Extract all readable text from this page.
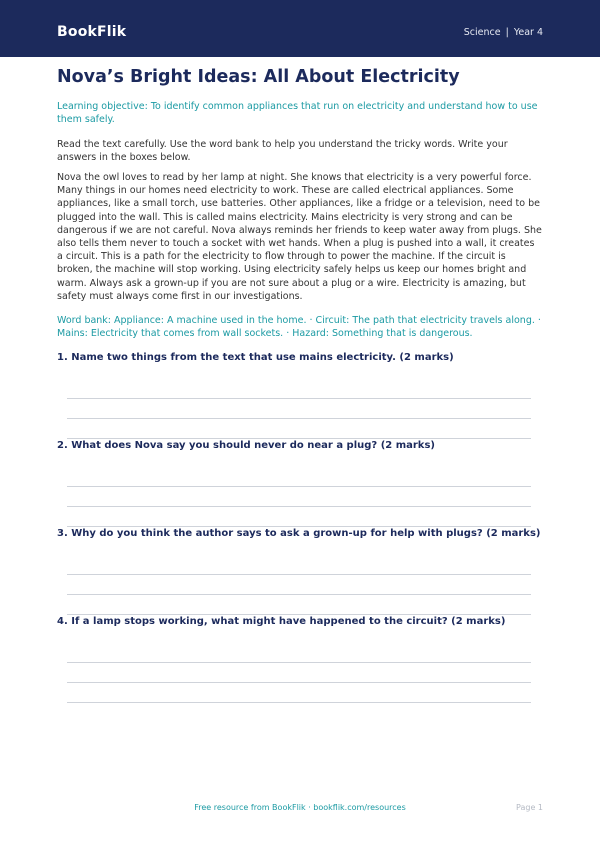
BookFlik	Science | Year 4
Nova’s Bright Ideas: All About Electricity

Learning objective: To identify common appliances that run on electricity and understand how to use them safely.

Read the text carefully. Use the word bank to help you understand the tricky words. Write your answers in the boxes below.

Nova the owl loves to read by her lamp at night. She knows that electricity is a very powerful force. Many things in our homes need electricity to work. These are called electrical appliances. Some appliances, like a small torch, use batteries. Other appliances, like a fridge or a television, need to be plugged into the wall. This is called mains electricity. Mains electricity is very strong and can be dangerous if we are not careful. Nova always reminds her friends to keep water away from plugs. She also tells them never to touch a socket with wet hands. When a plug is pushed into a wall, it creates a circuit. This is a path for the electricity to flow through to power the machine. If the circuit is broken, the machine will stop working. Using electricity safely helps us keep our homes bright and warm. Always ask a grown-up if you are not sure about a plug or a wire. Electricity is amazing, but safety must always come first in our investigations.

Word bank: Appliance: A machine used in the home. · Circuit: The path that electricity travels along. · Mains: Electricity that comes from wall sockets. · Hazard: Something that is dangerous.

1. Name two things from the text that use mains electricity. (2 marks)
2. What does Nova say you should never do near a plug? (2 marks)
3. Why do you think the author says to ask a grown-up for help with plugs? (2 marks)
4. If a lamp stops working, what might have happened to the circuit? (2 marks)
Free resource from BookFlik · bookflik.com/resources	Page 1
